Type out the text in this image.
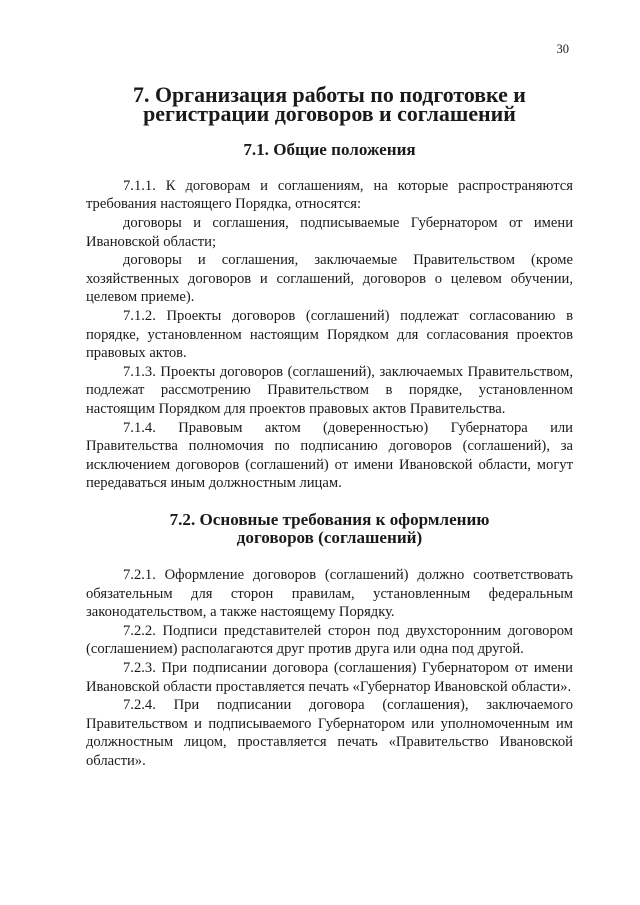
30
7. Организация работы по подготовке и
регистрации договоров и соглашений
7.1. Общие положения

7.1.1. К договорам и соглашениям, на которые распространяются требования настоящего Порядка, относятся:

договоры и соглашения, подписываемые Губернатором от имени Ивановской области;

договоры и соглашения, заключаемые Правительством (кроме хозяйственных договоров и соглашений, договоров о целевом обучении, целевом приеме).

7.1.2. Проекты договоров (соглашений) подлежат согласованию в порядке, установленном настоящим Порядком для согласования проектов правовых актов.

7.1.3. Проекты договоров (соглашений), заключаемых Правительством, подлежат рассмотрению Правительством в порядке, установленном настоящим Порядком для проектов правовых актов Правительства.

7.1.4. Правовым актом (доверенностью) Губернатора или Правительства полномочия по подписанию договоров (соглашений), за исключением договоров (соглашений) от имени Ивановской области, могут передаваться иным должностным лицам.

7.2. Основные требования к оформлению
договоров (соглашений)

7.2.1. Оформление договоров (соглашений) должно соответствовать обязательным для сторон правилам, установленным федеральным законодательством, а также настоящему Порядку.

7.2.2. Подписи представителей сторон под двухсторонним договором (соглашением) располагаются друг против друга или одна под другой.

7.2.3. При подписании договора (соглашения) Губернатором от имени Ивановской области проставляется печать «Губернатор Ивановской области».

7.2.4. При подписании договора (соглашения), заключаемого Правительством и подписываемого Губернатором или уполномоченным им должностным лицом, проставляется печать «Правительство Ивановской области».
